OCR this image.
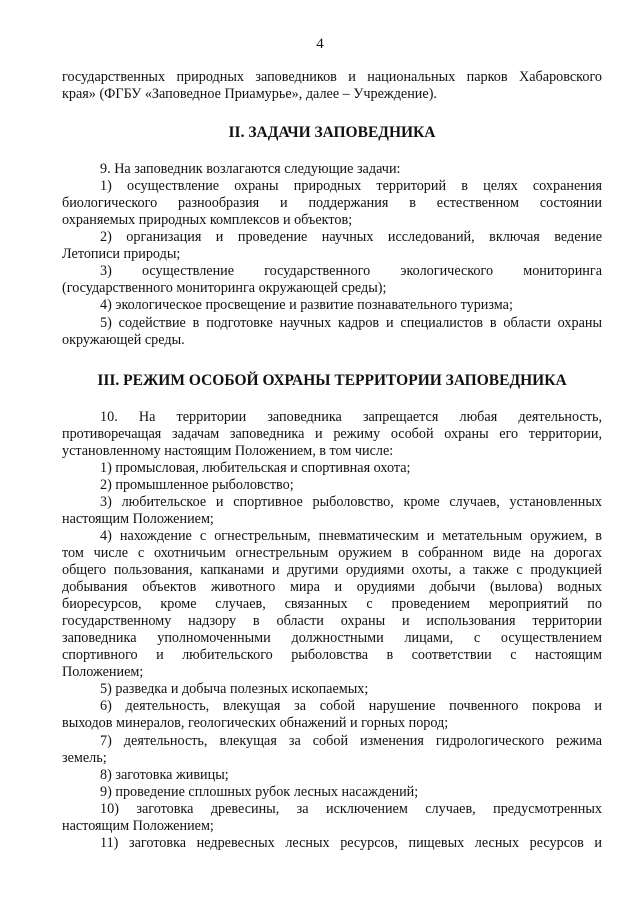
4

государственных природных заповедников и национальных парков Хабаровского
края» (ФГБУ «Заповедное Приамурье», далее – Учреждение).

II. ЗАДАЧИ ЗАПОВЕДНИКА

9. На заповедник возлагаются следующие задачи:

1) осуществление охраны природных территорий в целях сохранения
биологического разнообразия и поддержания в естественном состоянии
охраняемых природных комплексов и объектов;

2) организация и проведение научных исследований, включая ведение
Летописи природы;

3) осуществление государственного экологического мониторинга
(государственного мониторинга окружающей среды);

4) экологическое просвещение и развитие познавательного туризма;

5) содействие в подготовке научных кадров и специалистов в области охраны
окружающей среды.

III. РЕЖИМ ОСОБОЙ ОХРАНЫ ТЕРРИТОРИИ ЗАПОВЕДНИКА

10. На территории заповедника запрещается любая деятельность,
противоречащая задачам заповедника и режиму особой охраны его территории,
установленному настоящим Положением, в том числе:

1) промысловая, любительская и спортивная охота;

2) промышленное рыболовство;

3) любительское и спортивное рыболовство, кроме случаев, установленных
настоящим Положением;

4) нахождение с огнестрельным, пневматическим и метательным оружием, в
том числе с охотничьим огнестрельным оружием в собранном виде на дорогах
общего пользования, капканами и другими орудиями охоты, а также с продукцией
добывания объектов животного мира и орудиями добычи (вылова) водных
биоресурсов, кроме случаев, связанных с проведением мероприятий по
государственному надзору в области охраны и использования территории
заповедника уполномоченными должностными лицами, с осуществлением
спортивного и любительского рыболовства в соответствии с настоящим
Положением;

5) разведка и добыча полезных ископаемых;

6) деятельность, влекущая за собой нарушение почвенного покрова и
выходов минералов, геологических обнажений и горных пород;

7) деятельность, влекущая за собой изменения гидрологического режима
земель;

8) заготовка живицы;

9) проведение сплошных рубок лесных насаждений;

10) заготовка древесины, за исключением случаев, предусмотренных
настоящим Положением;

11) заготовка недревесных лесных ресурсов, пищевых лесных ресурсов и
